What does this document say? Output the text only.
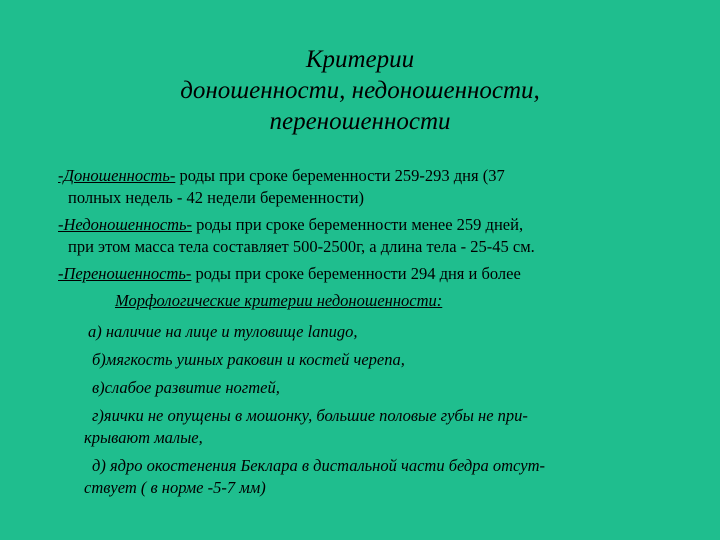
Критерии
доношенности, недоношенности,
переношенности
-Доношенность- роды при сроке беременности 259-293 дня (37
полных недель - 42 недели беременности)
-Недоношенность- роды при сроке беременности менее 259 дней,
при этом масса тела составляет 500-2500г, а длина тела - 25-45 см.
-Переношенность- роды при сроке беременности 294 дня и более
Морфологические критерии недоношенности:
а) наличие на лице и туловище lanugo,
б)мягкость ушных раковин и костей черепа,
в)слабое развитие ногтей,
г)яички не опущены в мошонку, большие половые губы не при-
крывают малые,
д) ядро окостенения Беклара в дистальной части бедра отсут-
ствует ( в норме -5-7 мм)
